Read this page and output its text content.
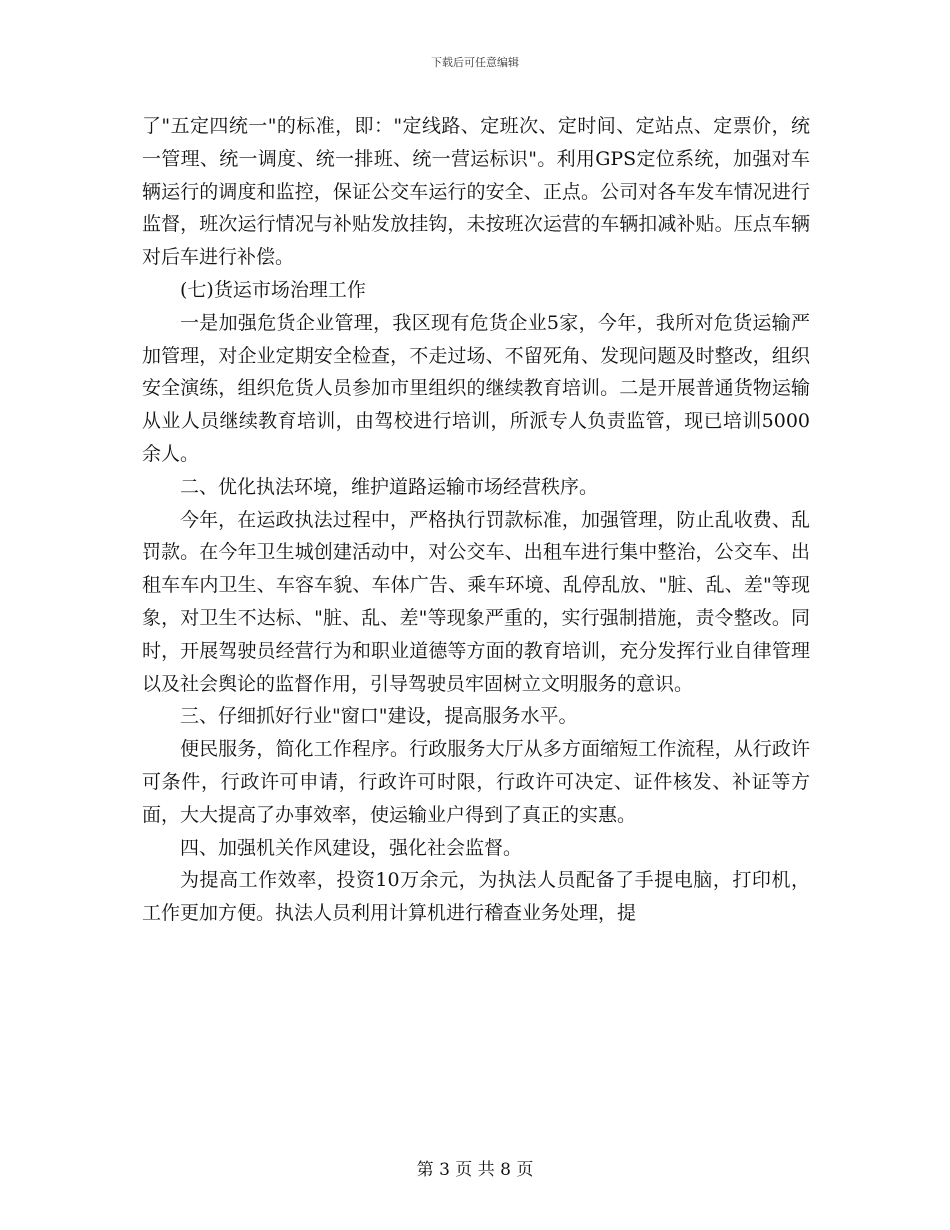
下载后可任意编辑

了"五定四统一"的标准，即："定线路、定班次、定时间、定站点、定票价，统一管理、统一调度、统一排班、统一营运标识"。利用GPS定位系统，加强对车辆运行的调度和监控，保证公交车运行的安全、正点。公司对各车发车情况进行监督，班次运行情况与补贴发放挂钩，未按班次运营的车辆扣减补贴。压点车辆对后车进行补偿。

(七)货运市场治理工作

一是加强危货企业管理，我区现有危货企业5家，今年，我所对危货运输严加管理，对企业定期安全检查，不走过场、不留死角、发现问题及时整改，组织安全演练，组织危货人员参加市里组织的继续教育培训。二是开展普通货物运输从业人员继续教育培训，由驾校进行培训，所派专人负责监管，现已培训5000余人。

二、优化执法环境，维护道路运输市场经营秩序。

今年，在运政执法过程中，严格执行罚款标准，加强管理，防止乱收费、乱罚款。在今年卫生城创建活动中，对公交车、出租车进行集中整治，公交车、出租车车内卫生、车容车貌、车体广告、乘车环境、乱停乱放、"脏、乱、差"等现象，对卫生不达标、"脏、乱、差"等现象严重的，实行强制措施，责令整改。同时，开展驾驶员经营行为和职业道德等方面的教育培训，充分发挥行业自律管理以及社会舆论的监督作用，引导驾驶员牢固树立文明服务的意识。

三、仔细抓好行业"窗口"建设，提高服务水平。

便民服务，简化工作程序。行政服务大厅从多方面缩短工作流程，从行政许可条件，行政许可申请，行政许可时限，行政许可决定、证件核发、补证等方面，大大提高了办事效率，使运输业户得到了真正的实惠。

四、加强机关作风建设，强化社会监督。

为提高工作效率，投资10万余元，为执法人员配备了手提电脑，打印机，工作更加方便。执法人员利用计算机进行稽查业务处理，提

第 3 页 共 8 页
